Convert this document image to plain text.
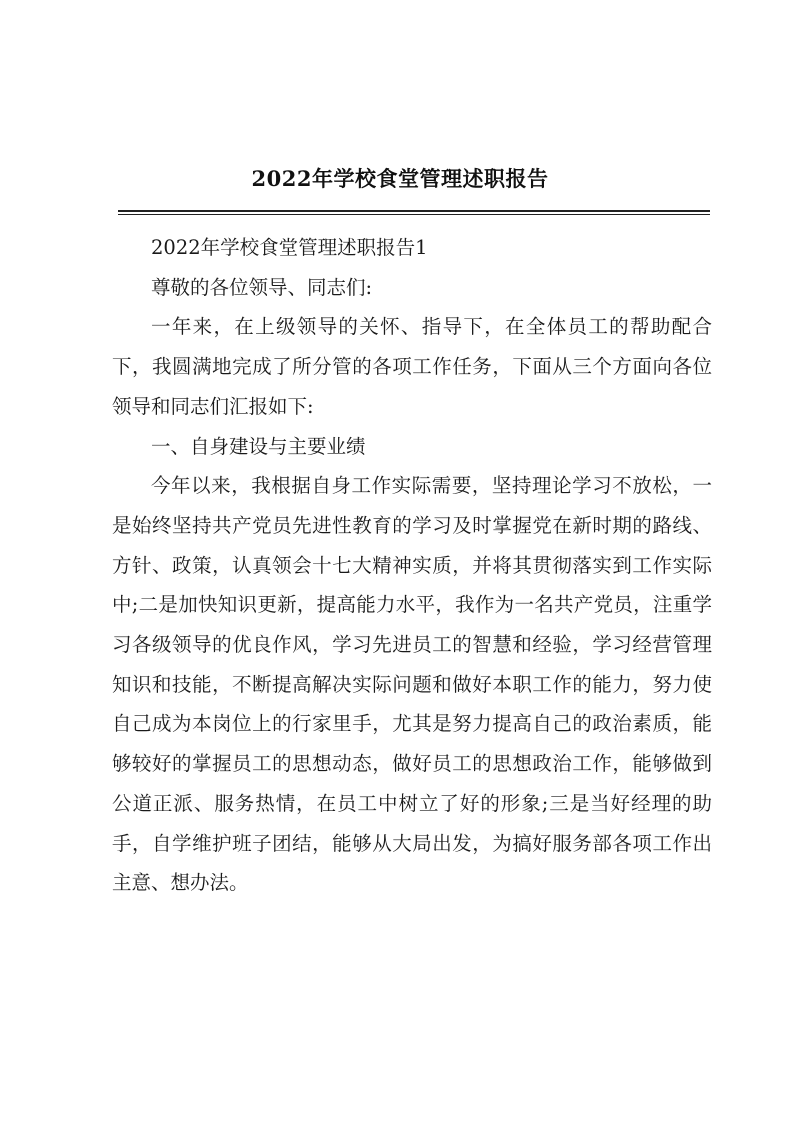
2022年学校食堂管理述职报告

2022年学校食堂管理述职报告1

尊敬的各位领导、同志们:

一年来，在上级领导的关怀、指导下，在全体员工的帮助配合下，我圆满地完成了所分管的各项工作任务，下面从三个方面向各位领导和同志们汇报如下:

一、自身建设与主要业绩

今年以来，我根据自身工作实际需要，坚持理论学习不放松，一是始终坚持共产党员先进性教育的学习及时掌握党在新时期的路线、方针、政策，认真领会十七大精神实质，并将其贯彻落实到工作实际中;二是加快知识更新，提高能力水平，我作为一名共产党员，注重学习各级领导的优良作风，学习先进员工的智慧和经验，学习经营管理知识和技能，不断提高解决实际问题和做好本职工作的能力，努力使自己成为本岗位上的行家里手，尤其是努力提高自己的政治素质，能够较好的掌握员工的思想动态，做好员工的思想政治工作，能够做到公道正派、服务热情，在员工中树立了好的形象;三是当好经理的助手，自学维护班子团结，能够从大局出发，为搞好服务部各项工作出主意、想办法。
